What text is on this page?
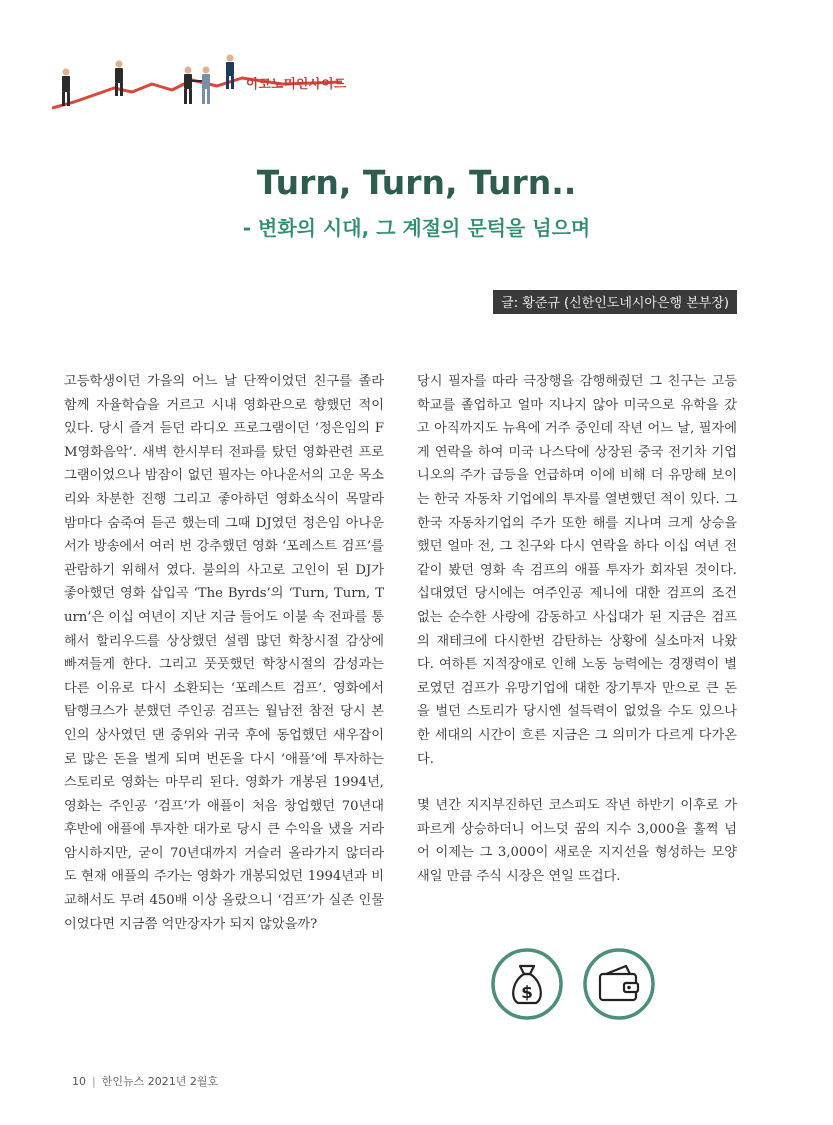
이코노미인사이드
Turn, Turn, Turn..
- 변화의 시대, 그 계절의 문턱을 넘으며
글: 황준규 (신한인도네시아은행 본부장)

고등학생이던 가을의 어느 날 단짝이었던 친구를 졸라 함께 자율학습을 거르고 시내 영화관으로 향했던 적이 있다. 당시 즐겨 듣던 라디오 프로그램이던 ‘정은임의 FM영화음악’. 새벽 한시부터 전파를 탔던 영화관련 프로그램이었으나 밤잠이 없던 필자는 아나운서의 고운 목소리와 차분한 진행 그리고 좋아하던 영화소식이 목말라 밤마다 숨죽여 듣곤 했는데 그때 DJ였던 정은임 아나운서가 방송에서 여러 번 강추했던 영화 ‘포레스트 검프’를 관람하기 위해서 였다. 불의의 사고로 고인이 된 DJ가 좋아했던 영화 삽입곡 ‘The Byrds’의 ‘Turn, Turn, Turn’은 이십 여년이 지난 지금 들어도 이불 속 전파를 통해서 할리우드를 상상했던 설렘 많던 학창시절 감상에 빠져들게 한다. 그리고 풋풋했던 학창시절의 감성과는 다른 이유로 다시 소환되는 ‘포레스트 검프’. 영화에서 탐행크스가 분했던 주인공 검프는 월남전 참전 당시 본인의 상사였던 댄 중위와 귀국 후에 동업했던 새우잡이로 많은 돈을 벌게 되며 번돈을 다시 ‘애플’에 투자하는 스토리로 영화는 마무리 된다. 영화가 개봉된 1994년, 영화는 주인공 ‘검프’가 애플이 처음 창업했던 70년대 후반에 애플에 투자한 대가로 당시 큰 수익을 냈을 거라 암시하지만, 굳이 70년대까지 거슬러 올라가지 않더라도 현재 애플의 주가는 영화가 개봉되었던 1994년과 비교해서도 무려 450배 이상 올랐으니 ‘검프’가 실존 인물이었다면 지금쯤 억만장자가 되지 않았을까?

당시 필자를 따라 극장행을 감행해줬던 그 친구는 고등학교를 졸업하고 얼마 지나지 않아 미국으로 유학을 갔고 아직까지도 뉴욕에 거주 중인데 작년 어느 날, 필자에게 연락을 하여 미국 나스닥에 상장된 중국 전기차 기업 니오의 주가 급등을 언급하며 이에 비해 더 유망해 보이는 한국 자동차 기업에의 투자를 열변했던 적이 있다. 그 한국 자동차기업의 주가 또한 해를 지나며 크게 상승을 했던 얼마 전, 그 친구와 다시 연락을 하다 이십 여년 전 같이 봤던 영화 속 검프의 애플 투자가 회자된 것이다. 십대였던 당시에는 여주인공 제니에 대한 검프의 조건 없는 순수한 사랑에 감동하고 사십대가 된 지금은 검프의 재테크에 다시한번 감탄하는 상황에 실소마저 나왔다. 여하튼 지적장애로 인해 노동 능력에는 경쟁력이 별로였던 검프가 유망기업에 대한 장기투자 만으로 큰 돈을 벌던 스토리가 당시엔 설득력이 없었을 수도 있으나 한 세대의 시간이 흐른 지금은 그 의미가 다르게 다가온다.

몇 년간 지지부진하던 코스피도 작년 하반기 이후로 가파르게 상승하더니 어느덧 꿈의 지수 3,000을 훌쩍 넘어 이제는 그 3,000이 새로운 지지선을 형성하는 모양새일 만큼 주식 시장은 연일 뜨겁다.

$
10 | 한인뉴스 2021년 2월호
